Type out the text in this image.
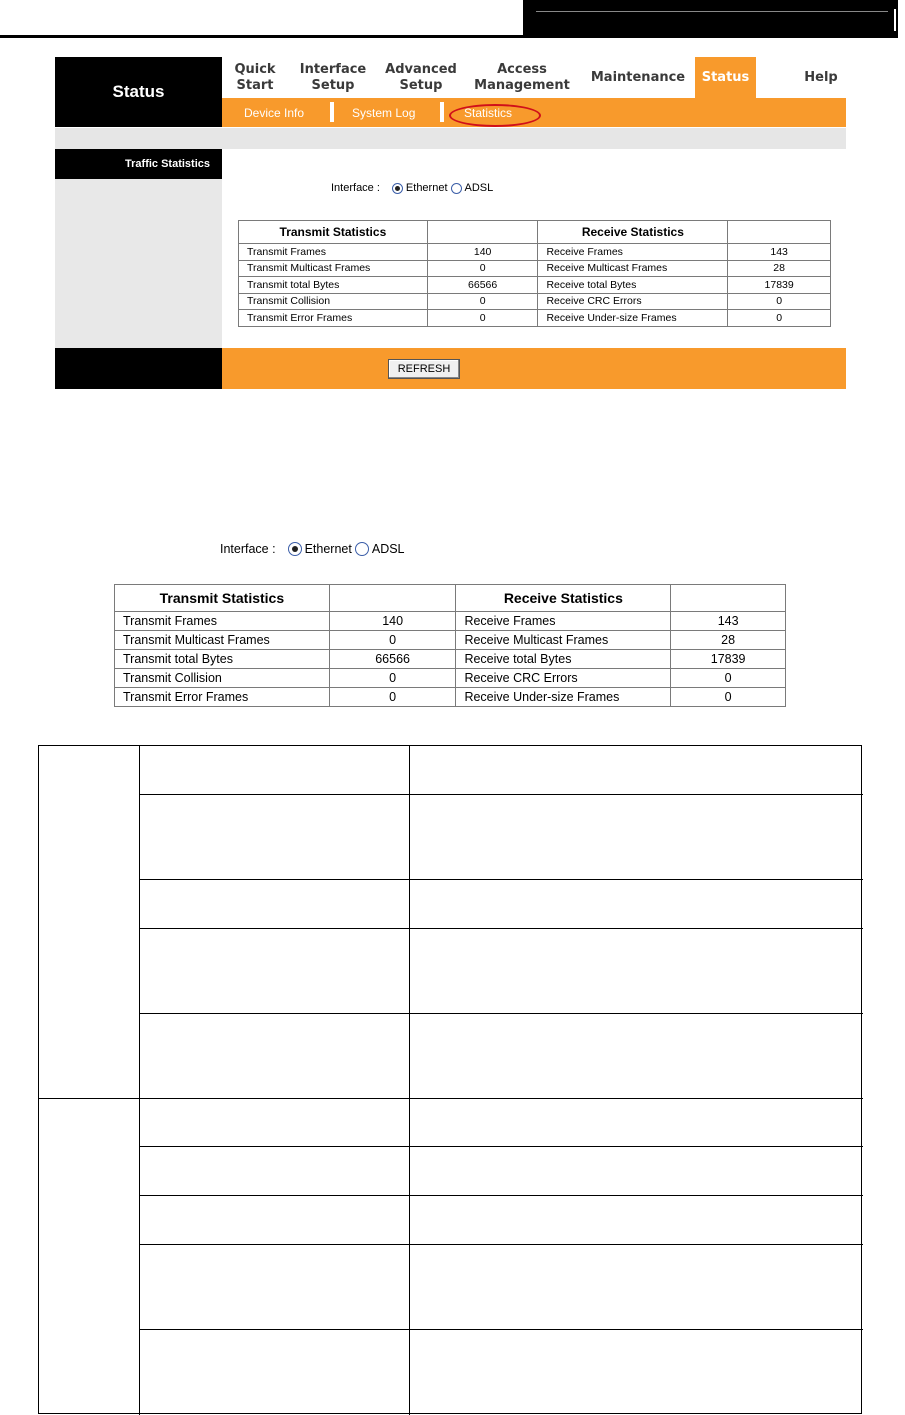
Status
Quick
Start
Interface
Setup
Advanced
Setup
Access
Management
Maintenance	Status	Help
Device Info	System Log	Statistics
Traffic Statistics
Interface : Ethernet ADSL
Transmit Statistics		Receive Statistics	
Transmit Frames	140	Receive Frames	143
Transmit Multicast Frames	0	Receive Multicast Frames	28
Transmit total Bytes	66566	Receive total Bytes	17839
Transmit Collision	0	Receive CRC Errors	0
Transmit Error Frames	0	Receive Under-size Frames	0
REFRESH
Interface : Ethernet ADSL
Transmit Statistics		Receive Statistics	
Transmit Frames	140	Receive Frames	143
Transmit Multicast Frames	0	Receive Multicast Frames	28
Transmit total Bytes	66566	Receive total Bytes	17839
Transmit Collision	0	Receive CRC Errors	0
Transmit Error Frames	0	Receive Under-size Frames	0
